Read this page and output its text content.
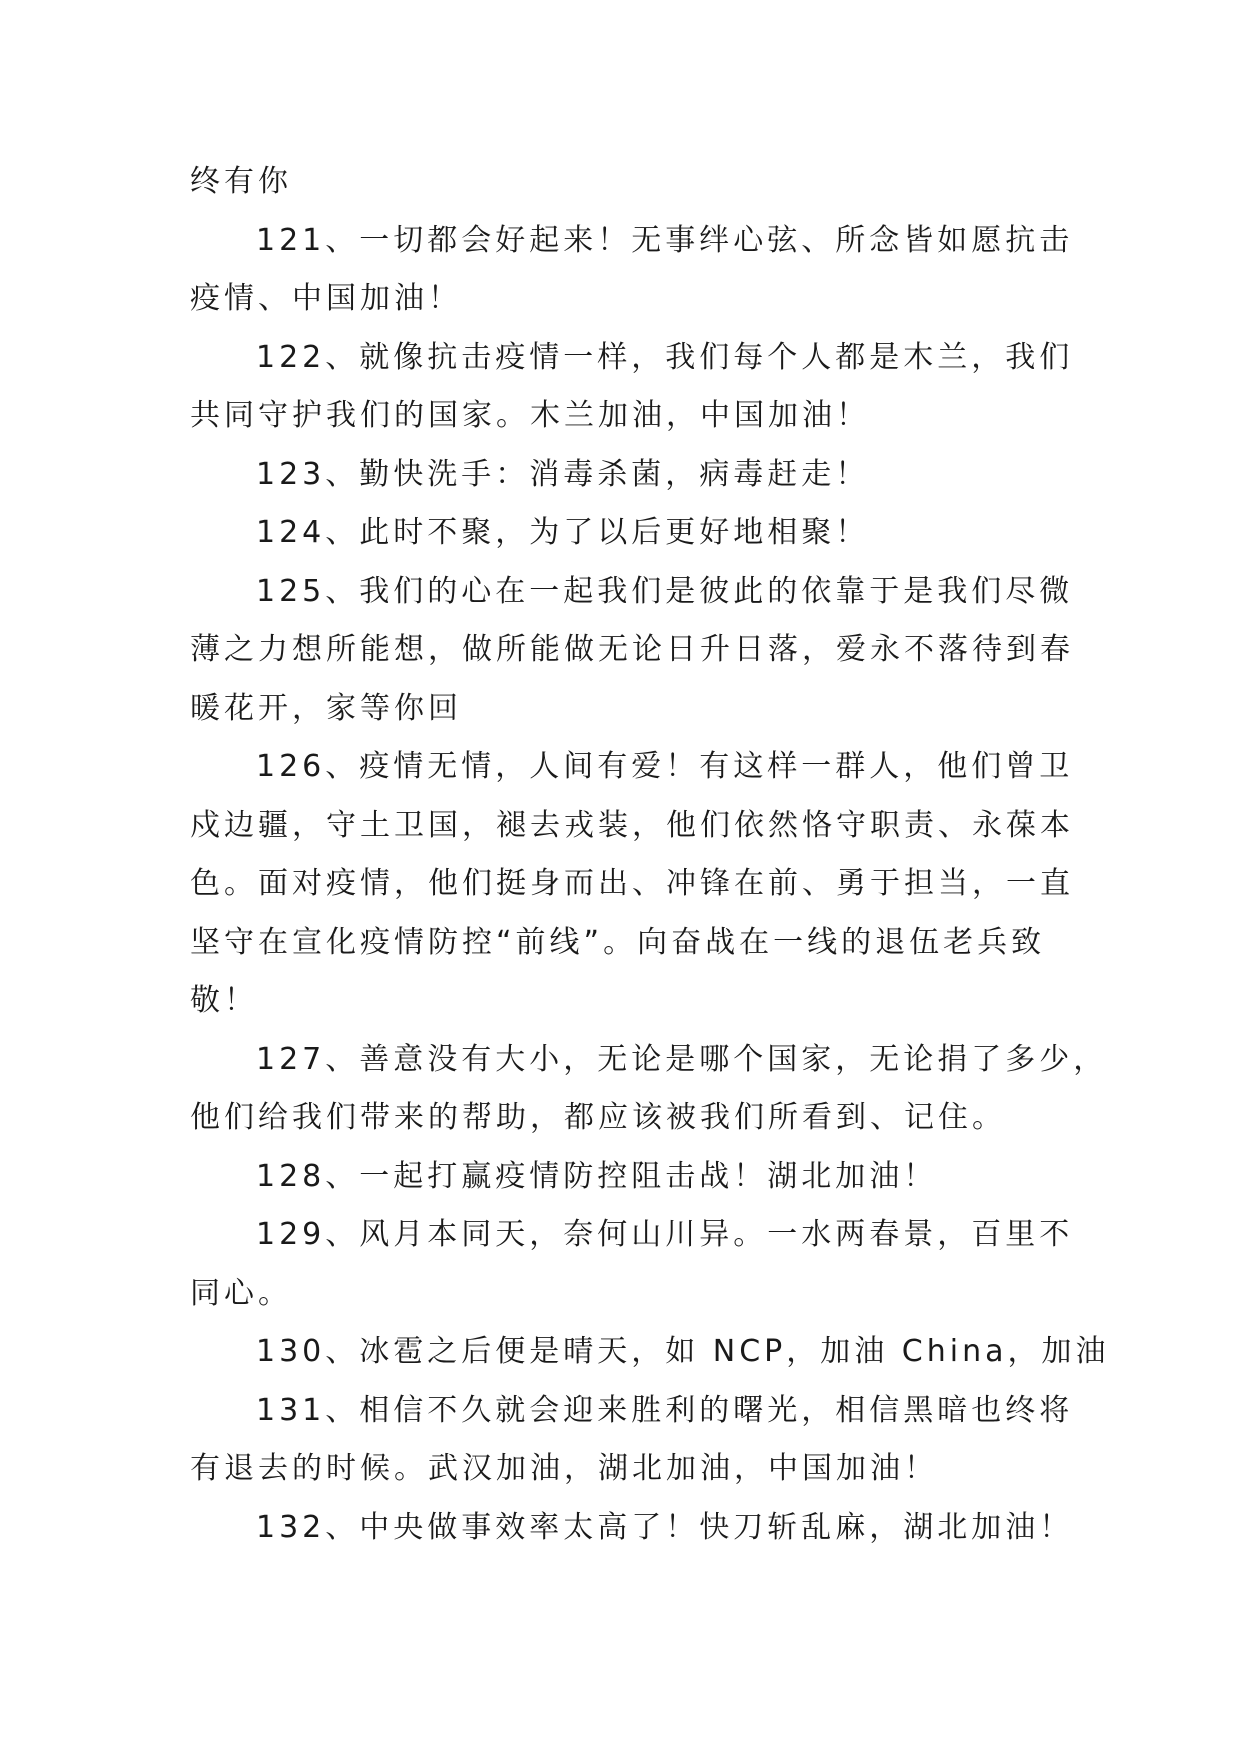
终有你

121、一切都会好起来！无事绊心弦、所念皆如愿抗击
疫情、中国加油！

122、就像抗击疫情一样，我们每个人都是木兰，我们
共同守护我们的国家。木兰加油，中国加油！

123、勤快洗手：消毒杀菌，病毒赶走！

124、此时不聚，为了以后更好地相聚！

125、我们的心在一起我们是彼此的依靠于是我们尽微
薄之力想所能想，做所能做无论日升日落，爱永不落待到春
暖花开，家等你回

126、疫情无情，人间有爱！有这样一群人，他们曾卫
戍边疆，守土卫国，褪去戎装，他们依然恪守职责、永葆本
色。面对疫情，他们挺身而出、冲锋在前、勇于担当，一直
坚守在宣化疫情防控“前线”。向奋战在一线的退伍老兵致
敬！

127、善意没有大小，无论是哪个国家，无论捐了多少，
他们给我们带来的帮助，都应该被我们所看到、记住。

128、一起打赢疫情防控阻击战！湖北加油！

129、风月本同天，奈何山川异。一水两春景，百里不
同心。

130、冰雹之后便是晴天，如 NCP，加油 China，加油

131、相信不久就会迎来胜利的曙光，相信黑暗也终将
有退去的时候。武汉加油，湖北加油，中国加油！

132、中央做事效率太高了！快刀斩乱麻，湖北加油！
